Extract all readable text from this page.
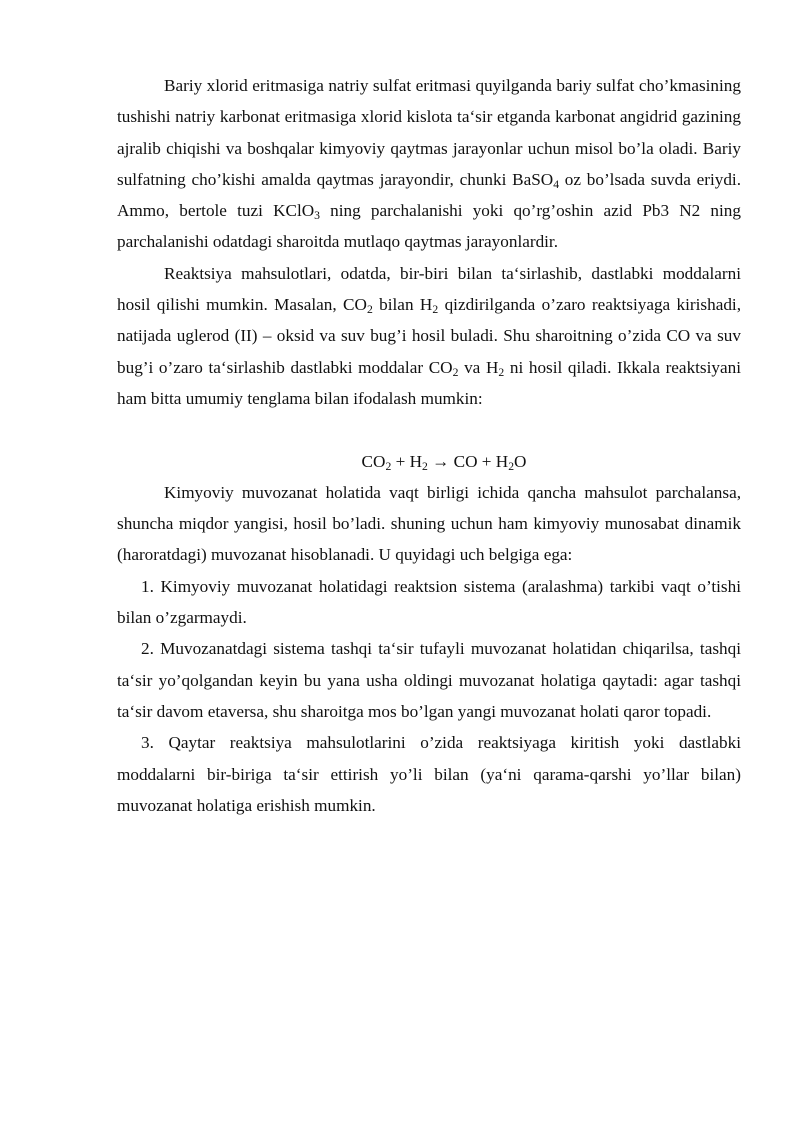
Bariy xlorid eritmasiga natriy sulfat eritmasi quyilganda bariy sulfat cho’kmasining tushishi natriy karbonat eritmasiga xlorid kislota ta‘sir etganda karbonat angidrid gazining ajralib chiqishi va boshqalar kimyoviy qaytmas jarayonlar uchun misol bo’la oladi. Bariy sulfatning cho’kishi amalda qaytmas jarayondir, chunki BaSO$_4$ oz bo’lsada suvda eriydi. Ammo, bertole tuzi KClO$_3$ ning parchalanishi yoki qo’rg’oshin azid Pb3 N2 ning parchalanishi odatdagi sharoitda mutlaqo qaytmas jarayonlardir.

Reaktsiya mahsulotlari, odatda, bir-biri bilan ta‘sirlashib, dastlabki moddalarni hosil qilishi mumkin. Masalan, $CO_2$ bilan $H_2$ qizdirilganda o’zaro reaktsiyaga kirishadi, natijada uglerod (II) – oksid va suv bug’i hosil buladi. Shu sharoitning o’zida CO va suv bug’i o’zaro ta‘sirlashib dastlabki moddalar $CO_2$ va $H_2$ ni hosil qiladi. Ikkala reaktsiyani ham bitta umumiy tenglama bilan ifodalash mumkin:

$CO_2 + H_2$ → CO + $H_2O$

Kimyoviy muvozanat holatida vaqt birligi ichida qancha mahsulot parchalansa, shuncha miqdor yangisi, hosil bo’ladi. shuning uchun ham kimyoviy munosabat dinamik (haroratdagi) muvozanat hisoblanadi. U quyidagi uch belgiga ega:

1. Kimyoviy muvozanat holatidagi reaktsion sistema (aralashma) tarkibi vaqt o’tishi bilan o’zgarmaydi.

2. Muvozanatdagi sistema tashqi ta‘sir tufayli muvozanat holatidan chiqarilsa, tashqi ta‘sir yo’qolgandan keyin bu yana usha oldingi muvozanat holatiga qaytadi: agar tashqi ta‘sir davom etaversa, shu sharoitga mos bo’lgan yangi muvozanat holati qaror topadi.

3. Qaytar reaktsiya mahsulotlarini o’zida reaktsiyaga kiritish yoki dastlabki moddalarni bir-biriga ta‘sir ettirish yo’li bilan (ya‘ni qarama-qarshi yo’llar bilan) muvozanat holatiga erishish mumkin.
